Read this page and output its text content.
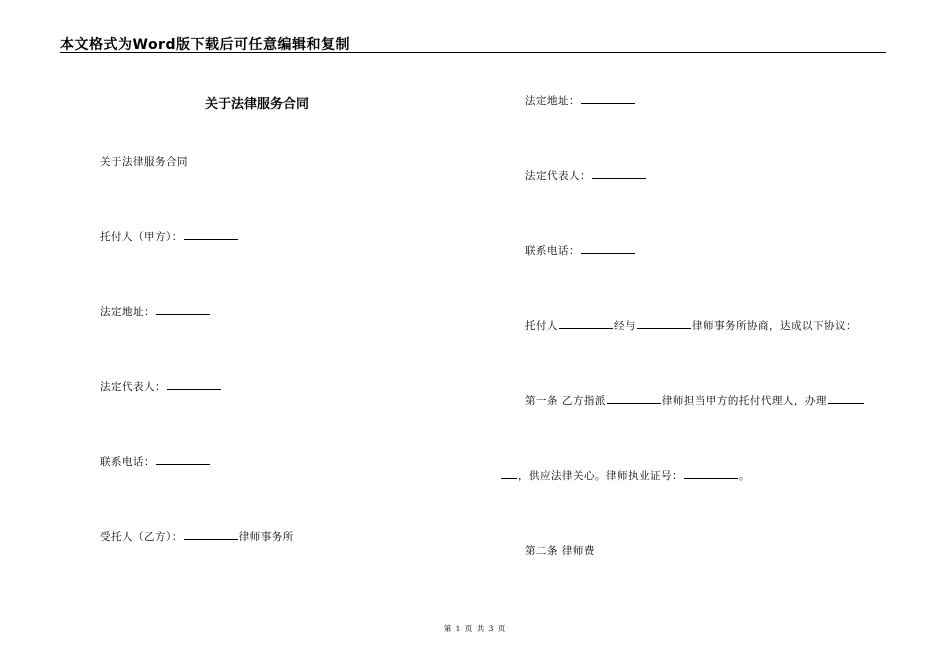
本文格式为Word版下载后可任意编辑和复制
关于法律服务合同
关于法律服务合同
托付人（甲方）：
法定地址：
法定代表人：
联系电话：
受托人（乙方）：	律师事务所
法定地址：
法定代表人：
联系电话：
托付人	经与	律师事务所协商，达成以下协议：
第一条 乙方指派	律师担当甲方的托付代理人，办理
，供应法律关心。律师执业证号：	。
第二条 律师费
第 1 页 共 3 页
